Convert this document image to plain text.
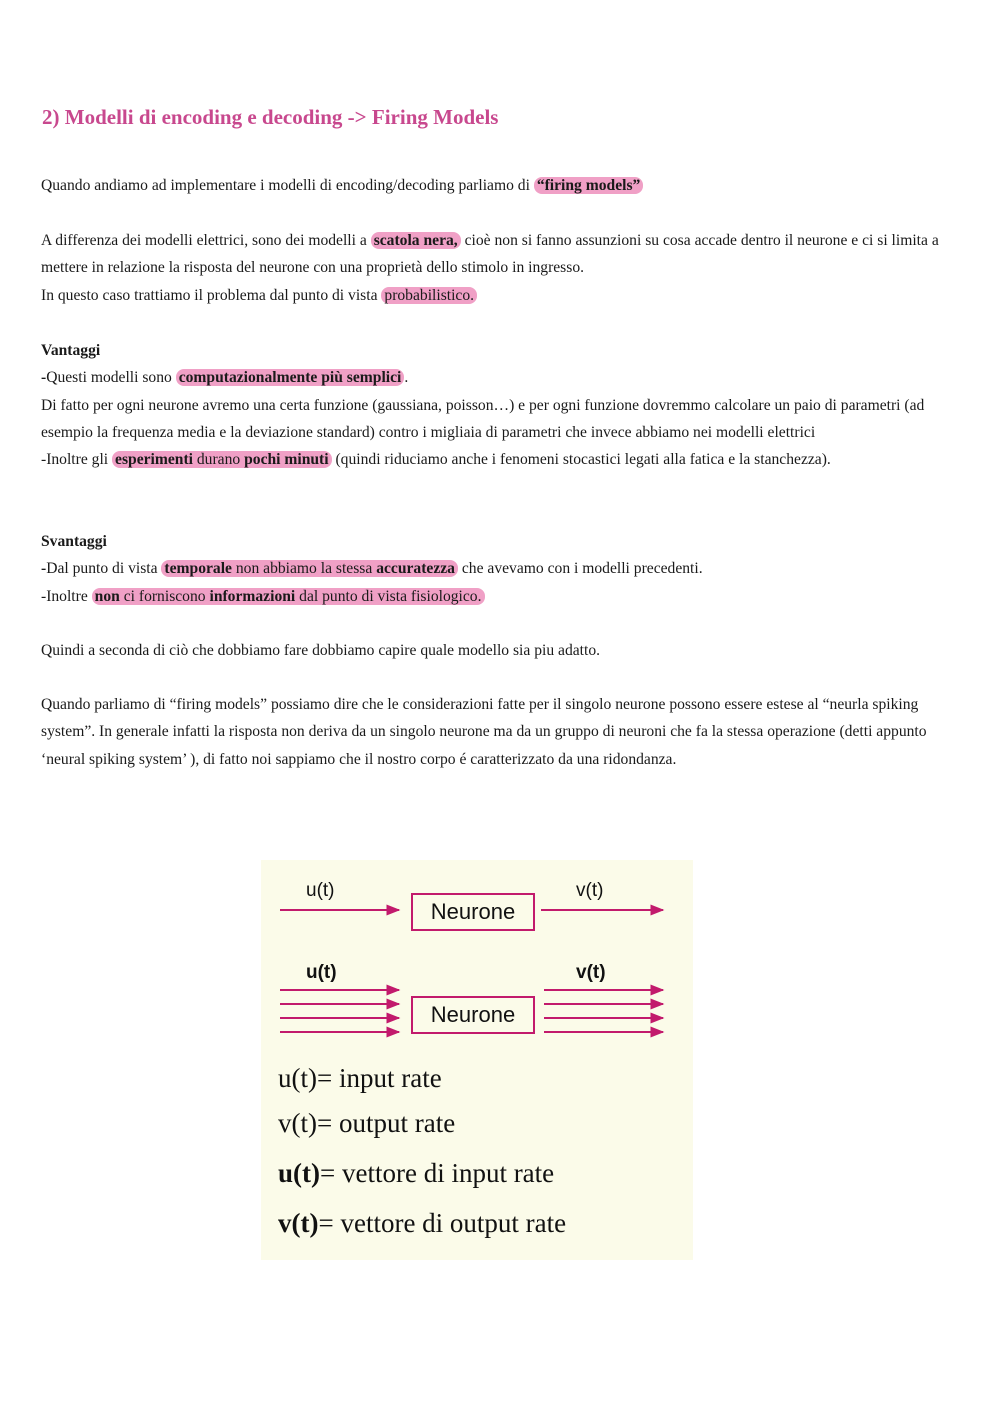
2) Modelli di encoding e decoding -> Firing Models

Quando andiamo ad implementare i modelli di encoding/decoding parliamo di “firing models”

A differenza dei modelli elettrici, sono dei modelli a scatola nera, cioè non si fanno assunzioni su cosa accade dentro il neurone e ci si limita a mettere in relazione la risposta del neurone con una proprietà dello stimolo in ingresso.
In questo caso trattiamo il problema dal punto di vista probabilistico.

Vantaggi
-Questi modelli sono computazionalmente più semplici .
Di fatto per ogni neurone avremo una certa funzione (gaussiana, poisson…) e per ogni funzione dovremmo calcolare un paio di parametri (ad esempio la frequenza media e la deviazione standard) contro i migliaia di parametri che invece abbiamo nei modelli elettrici
-Inoltre gli esperimenti durano pochi minuti (quindi riduciamo anche i fenomeni stocastici legati alla fatica e la stanchezza).

Svantaggi
-Dal punto di vista temporale non abbiamo la stessa accuratezza che avevamo con i modelli precedenti.
-Inoltre non ci forniscono informazioni dal punto di vista fisiologico.

Quindi a seconda di ciò che dobbiamo fare dobbiamo capire quale modello sia piu adatto.

Quando parliamo di “firing models” possiamo dire che le considerazioni fatte per il singolo neurone possono essere estese al “neurla spiking system”. In generale infatti la risposta non deriva da un singolo neurone ma da un gruppo di neuroni che fa la stessa operazione (detti appunto ‘neural spiking system’ ), di fatto noi sappiamo che il nostro corpo é caratterizzato da una ridondanza.

u(t)	v(t)
Neurone
u(t)	v(t)
Neurone
u(t)= input rate
v(t)= output rate
u(t)= vettore di input rate
v(t)= vettore di output rate
